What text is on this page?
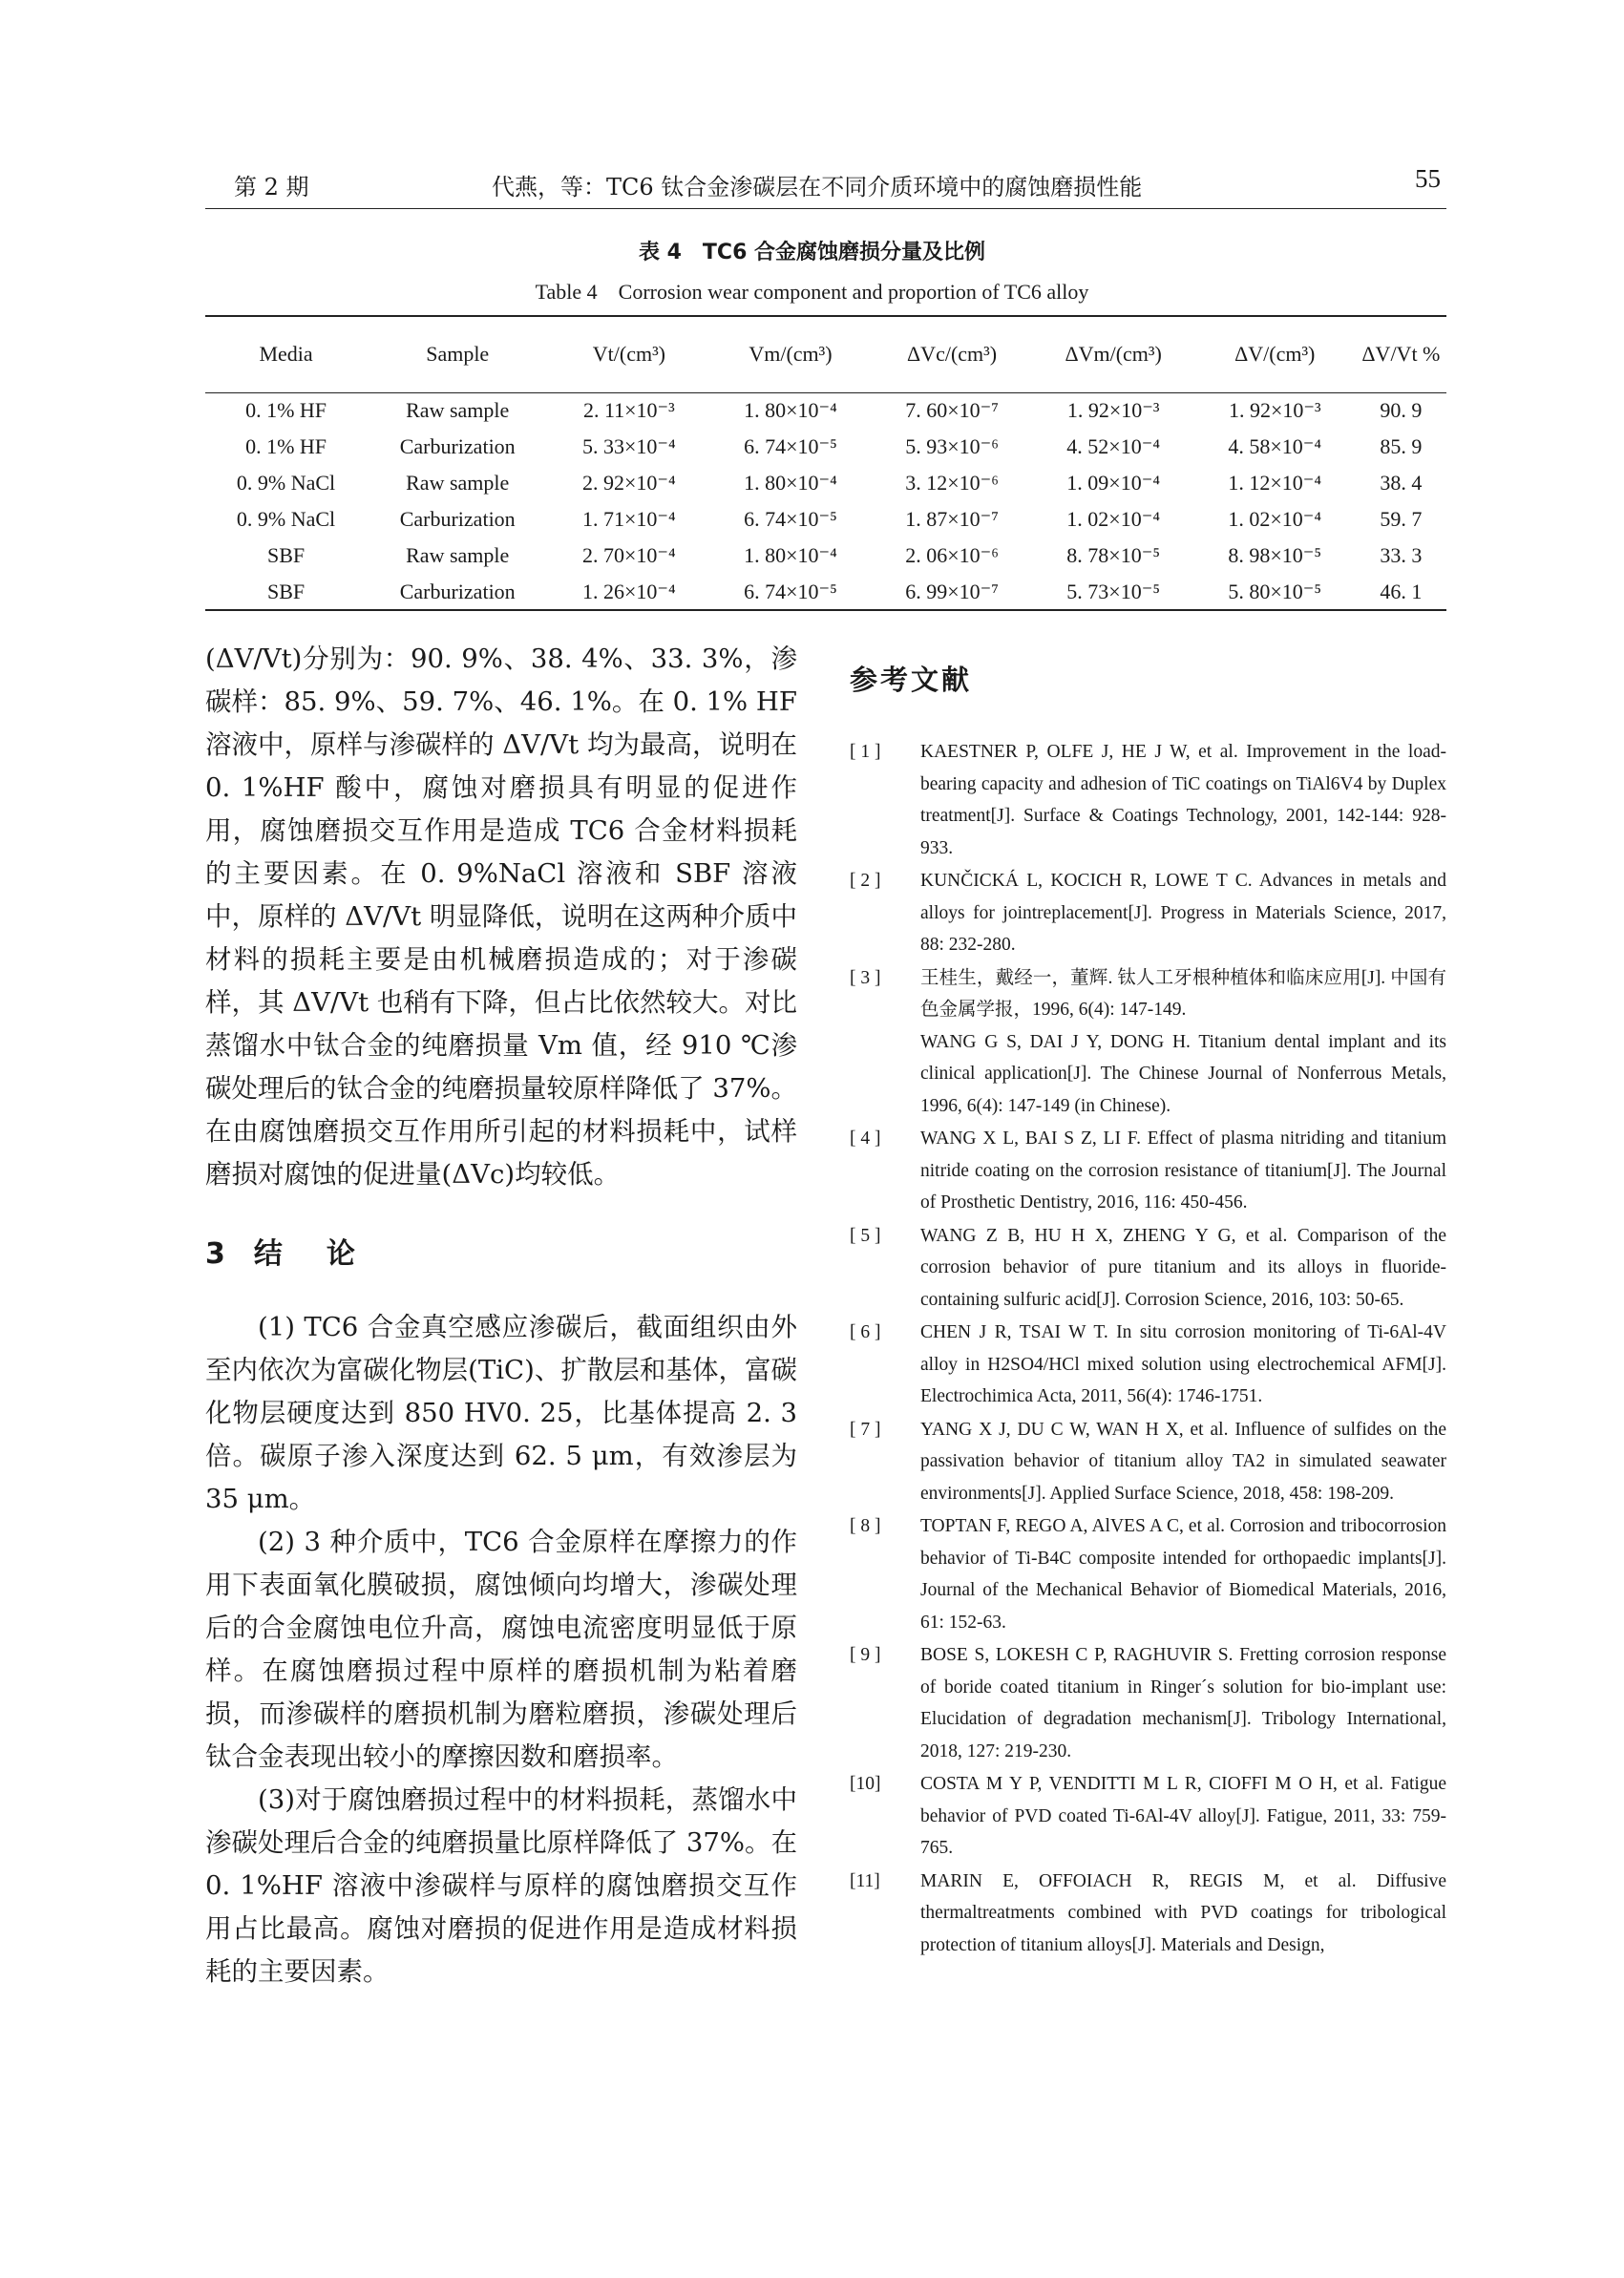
第 2 期	代燕，等：TC6 钛合金渗碳层在不同介质环境中的腐蚀磨损性能	55
表 4　TC6 合金腐蚀磨损分量及比例
Table 4　Corrosion wear component and proportion of TC6 alloy
Media	Sample	Vt/(cm³)	Vm/(cm³)	ΔVc/(cm³)	ΔVm/(cm³)	ΔV/(cm³)	ΔV/Vt %
0. 1% HF	Raw sample	2. 11×10⁻³	1. 80×10⁻⁴	7. 60×10⁻⁷	1. 92×10⁻³	1. 92×10⁻³	90. 9
0. 1% HF	Carburization	5. 33×10⁻⁴	6. 74×10⁻⁵	5. 93×10⁻⁶	4. 52×10⁻⁴	4. 58×10⁻⁴	85. 9
0. 9% NaCl	Raw sample	2. 92×10⁻⁴	1. 80×10⁻⁴	3. 12×10⁻⁶	1. 09×10⁻⁴	1. 12×10⁻⁴	38. 4
0. 9% NaCl	Carburization	1. 71×10⁻⁴	6. 74×10⁻⁵	1. 87×10⁻⁷	1. 02×10⁻⁴	1. 02×10⁻⁴	59. 7
SBF	Raw sample	2. 70×10⁻⁴	1. 80×10⁻⁴	2. 06×10⁻⁶	8. 78×10⁻⁵	8. 98×10⁻⁵	33. 3
SBF	Carburization	1. 26×10⁻⁴	6. 74×10⁻⁵	6. 99×10⁻⁷	5. 73×10⁻⁵	5. 80×10⁻⁵	46. 1

(ΔV/Vt)分别为：90. 9%、38. 4%、33. 3%，渗碳样：85. 9%、59. 7%、46. 1%。在 0. 1% HF 溶液中，原样与渗碳样的 ΔV/Vt 均为最高，说明在 0. 1%HF 酸中，腐蚀对磨损具有明显的促进作用，腐蚀磨损交互作用是造成 TC6 合金材料损耗的主要因素。在 0. 9%NaCl 溶液和 SBF 溶液中，原样的 ΔV/Vt 明显降低，说明在这两种介质中材料的损耗主要是由机械磨损造成的；对于渗碳样，其 ΔV/Vt 也稍有下降，但占比依然较大。对比蒸馏水中钛合金的纯磨损量 Vm 值，经 910 ℃渗碳处理后的钛合金的纯磨损量较原样降低了 37%。在由腐蚀磨损交互作用所引起的材料损耗中，试样磨损对腐蚀的促进量(ΔVc)均较低。

3 结　论

(1) TC6 合金真空感应渗碳后，截面组织由外至内依次为富碳化物层(TiC)、扩散层和基体，富碳化物层硬度达到 850 HV0. 25，比基体提高 2. 3 倍。碳原子渗入深度达到 62. 5 μm，有效渗层为 35 μm。

(2) 3 种介质中，TC6 合金原样在摩擦力的作用下表面氧化膜破损，腐蚀倾向均增大，渗碳处理后的合金腐蚀电位升高，腐蚀电流密度明显低于原样。在腐蚀磨损过程中原样的磨损机制为粘着磨损，而渗碳样的磨损机制为磨粒磨损，渗碳处理后钛合金表现出较小的摩擦因数和磨损率。

(3)对于腐蚀磨损过程中的材料损耗，蒸馏水中渗碳处理后合金的纯磨损量比原样降低了 37%。在 0. 1%HF 溶液中渗碳样与原样的腐蚀磨损交互作用占比最高。腐蚀对磨损的促进作用是造成材料损耗的主要因素。

参考文献
[ 1 ] KAESTNER P, OLFE J, HE J W, et al. Improvement in the load-bearing capacity and adhesion of TiC coatings on TiAl6V4 by Duplex treatment[J]. Surface & Coatings Technology, 2001, 142-144: 928-933.
[ 2 ] KUNČICKÁ L, KOCICH R, LOWE T C. Advances in metals and alloys for jointreplacement[J]. Progress in Materials Science, 2017, 88: 232-280.
[ 3 ] 王桂生，戴经一，董辉. 钛人工牙根种植体和临床应用[J]. 中国有色金属学报，1996, 6(4): 147-149.
WANG G S, DAI J Y, DONG H. Titanium dental implant and its clinical application[J]. The Chinese Journal of Nonferrous Metals, 1996, 6(4): 147-149 (in Chinese).
[ 4 ] WANG X L, BAI S Z, LI F. Effect of plasma nitriding and titanium nitride coating on the corrosion resistance of titanium[J]. The Journal of Prosthetic Dentistry, 2016, 116: 450-456.
[ 5 ] WANG Z B, HU H X, ZHENG Y G, et al. Comparison of the corrosion behavior of pure titanium and its alloys in fluoride-containing sulfuric acid[J]. Corrosion Science, 2016, 103: 50-65.
[ 6 ] CHEN J R, TSAI W T. In situ corrosion monitoring of Ti-6Al-4V alloy in H2SO4/HCl mixed solution using electrochemical AFM[J]. Electrochimica Acta, 2011, 56(4): 1746-1751.
[ 7 ] YANG X J, DU C W, WAN H X, et al. Influence of sulfides on the passivation behavior of titanium alloy TA2 in simulated seawater environments[J]. Applied Surface Science, 2018, 458: 198-209.
[ 8 ] TOPTAN F, REGO A, AlVES A C, et al. Corrosion and tribocorrosion behavior of Ti-B4C composite intended for orthopaedic implants[J]. Journal of the Mechanical Behavior of Biomedical Materials, 2016, 61: 152-63.
[ 9 ] BOSE S, LOKESH C P, RAGHUVIR S. Fretting corrosion response of boride coated titanium in Ringer´s solution for bio-implant use: Elucidation of degradation mechanism[J]. Tribology International, 2018, 127: 219-230.
[10] COSTA M Y P, VENDITTI M L R, CIOFFI M O H, et al. Fatigue behavior of PVD coated Ti-6Al-4V alloy[J]. Fatigue, 2011, 33: 759-765.
[11] MARIN E, OFFOIACH R, REGIS M, et al. Diffusive thermaltreatments combined with PVD coatings for tribological protection of titanium alloys[J]. Materials and Design,
